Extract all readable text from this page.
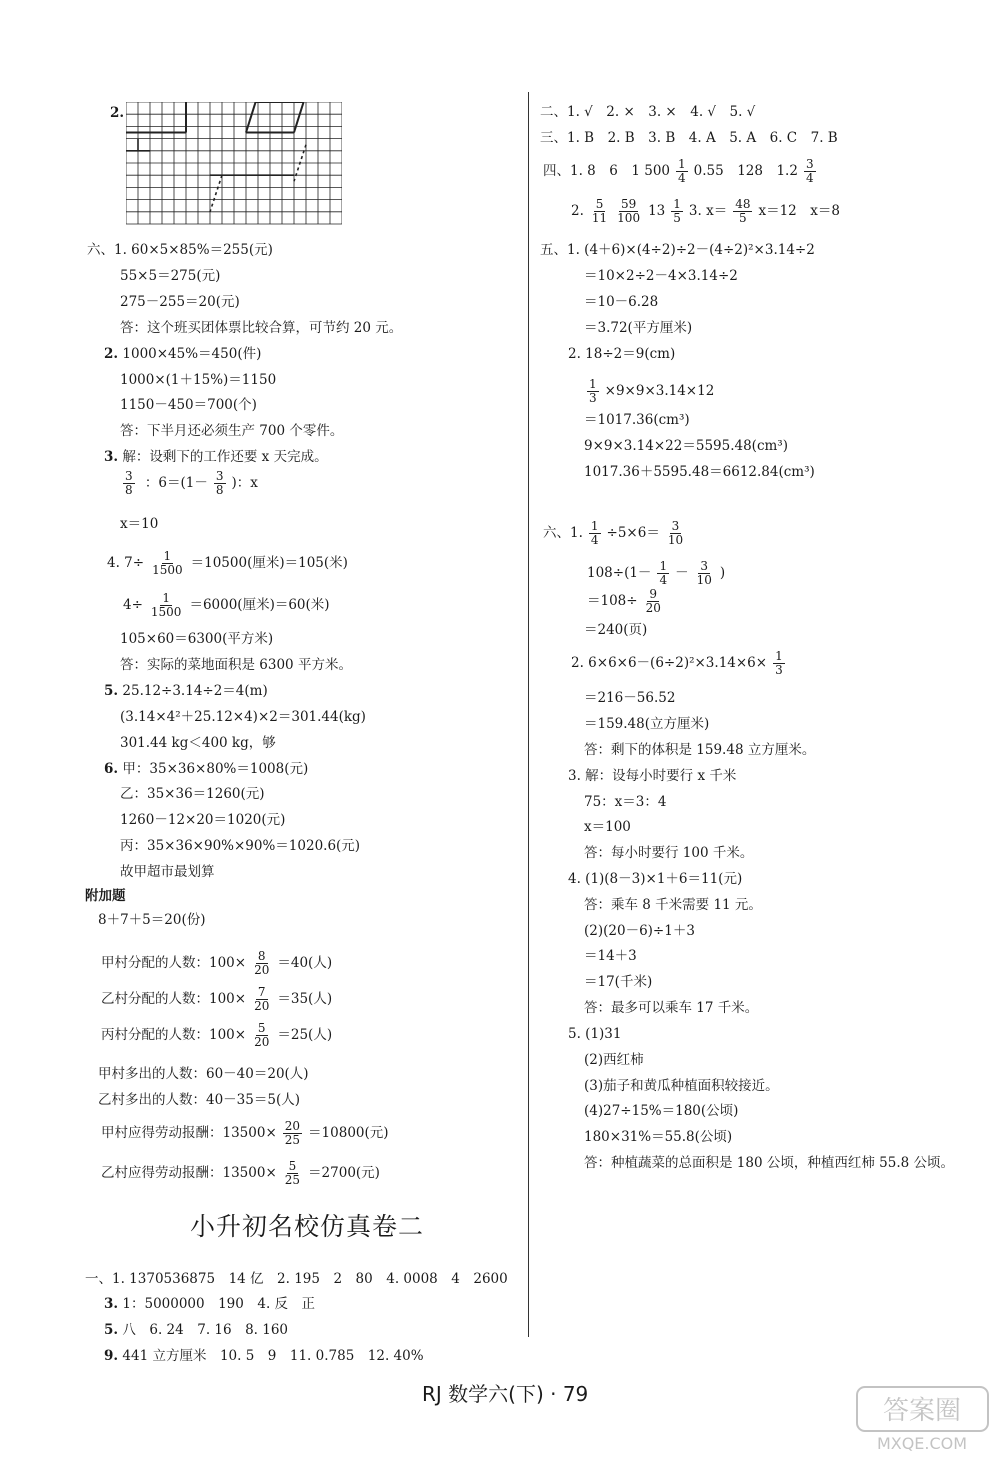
2.
六、1. 60×5×85%＝255(元)
55×5＝275(元)
275－255＝20(元)
答：这个班买团体票比较合算，可节约 20 元。
2. 1000×45%＝450(件)
1000×(1＋15%)＝1150
1150－450＝700(个)
答：下半月还必须生产 700 个零件。
3. 解：设剩下的工作还要 x 天完成。
x＝10
105×60＝6300(平方米)
答：实际的菜地面积是 6300 平方米。
5. 25.12÷3.14÷2＝4(m)
(3.14×4²＋25.12×4)×2＝301.44(kg)
301.44 kg＜400 kg，够
6. 甲：35×36×80%＝1008(元)
乙：35×36＝1260(元)
1260－12×20＝1020(元)
丙：35×36×90%×90%＝1020.6(元)
故甲超市最划算
附加题
8＋7＋5＝20(份)
甲村多出的人数：60－40＝20(人)
乙村多出的人数：40－35＝5(人)
一、1. 1370536875　14 亿　2. 195　2　80　4. 0008　4　2600
3. 1：5000000　190　4. 反　正
5. 八　6. 24　7. 16　8. 160
9. 441 立方厘米　10. 5　9　11. 0.785　12. 40%
$\frac{3}{8}$ ：$6=(1- \frac{3}{8}$ )：x
4. $7\div \frac{1}{1500} =10500$(厘米)＝105(米)
$4\div \frac{1}{1500} =6000$(厘米)＝60(米)
甲村分配的人数：$100\times \frac{8}{20} =40$(人)
乙村分配的人数：$100\times \frac{7}{20} =35$(人)
丙村分配的人数：$100\times \frac{5}{20} =25$(人)
甲村应得劳动报酬：$13500\times \frac{20}{25} =10800$(元)
乙村应得劳动报酬：$13500\times \frac{5}{25} =2700$(元)
二、1. √　2. ×　3. ×　4. √　5. √
三、1. B　2. B　3. B　4. A　5. A　6. C　7. B
五、1. (4＋6)×(4÷2)÷2－(4÷2)²×3.14÷2
＝10×2÷2－4×3.14÷2
＝10－6.28
＝3.72(平方厘米)
2. 18÷2＝9(cm)
＝1017.36(cm³)
9×9×3.14×22＝5595.48(cm³)
1017.36＋5595.48＝6612.84(cm³)
＝240(页)
＝216－56.52
＝159.48(立方厘米)
答：剩下的体积是 159.48 立方厘米。
3. 解：设每小时要行 x 千米
75：x＝3：4
x＝100
答：每小时要行 100 千米。
4. (1)(8－3)×1＋6＝11(元)
答：乘车 8 千米需要 11 元。
(2)(20－6)÷1＋3
＝14＋3
＝17(千米)
答：最多可以乘车 17 千米。
5. (1)31
(2)西红柿
(3)茄子和黄瓜种植面积较接近。
(4)27÷15%＝180(公顷)
180×31%＝55.8(公顷)
答：种植蔬菜的总面积是 180 公顷，种植西红柿 55.8 公顷。
四、1. 8　6　1 $500 \frac{1}{4} 0.55$　128　$1.2 \frac{3}{4}$
2. $\frac{5}{11} \frac{59}{100} 13 \frac{1}{5} 3$. $x= \frac{48}{5} x=12$　x＝8
$\frac{1}{3} \times 9\times 9\times 3.14\times 12$
六、1. $\frac{1}{4} \div 5\times 6= \frac{3}{10}$
$108\div(1- \frac{1}{4} - \frac{3}{10}$ )
$=108\div \frac{9}{20}$
2. $6\times 6\times 6-(6\div 2)^2\times 3.14\times 6\times \frac{1}{3}$
小升初名校仿真卷二
RJ 数学六(下) · 79
答案圈
MXQE.COM
